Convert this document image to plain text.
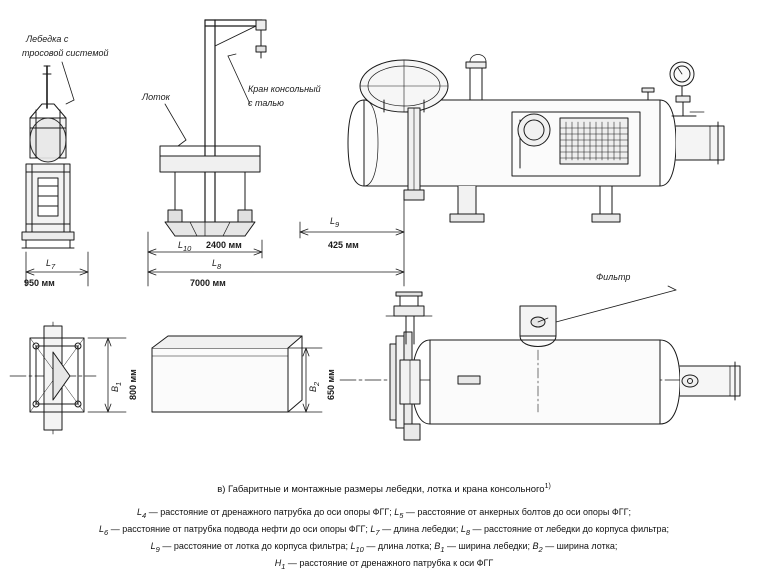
Лебедка с
тросовой системой
Лоток
Кран консольный
с талью
Фильтр
$L_7$
950 мм
$L_{10}$ 2400 мм
$L_9$
425 мм
$L_8$
7000 мм
$B_1$ 800 мм	$B_2$ 650 мм
в) Габаритные и монтажные размеры лебедки, лотка и крана консольного$^{1)}$
$L_4$ — расстояние от дренажного патрубка до оси опоры ФГГ; $L_5$ — расстояние от анкерных болтов до оси опоры ФГГ;
$L_6$ — расстояние от патрубка подвода нефти до оси опоры ФГГ; $L_7$ — длина лебедки; $L_8$ — расстояние от лебедки до корпуса фильтра;
$L_9$ — расстояние от лотка до корпуса фильтра; $L_{10}$ — длина лотка; $B_1$ — ширина лебедки; $B_2$ — ширина лотка;
$H_1$ — расстояние от дренажного патрубка к оси ФГГ
